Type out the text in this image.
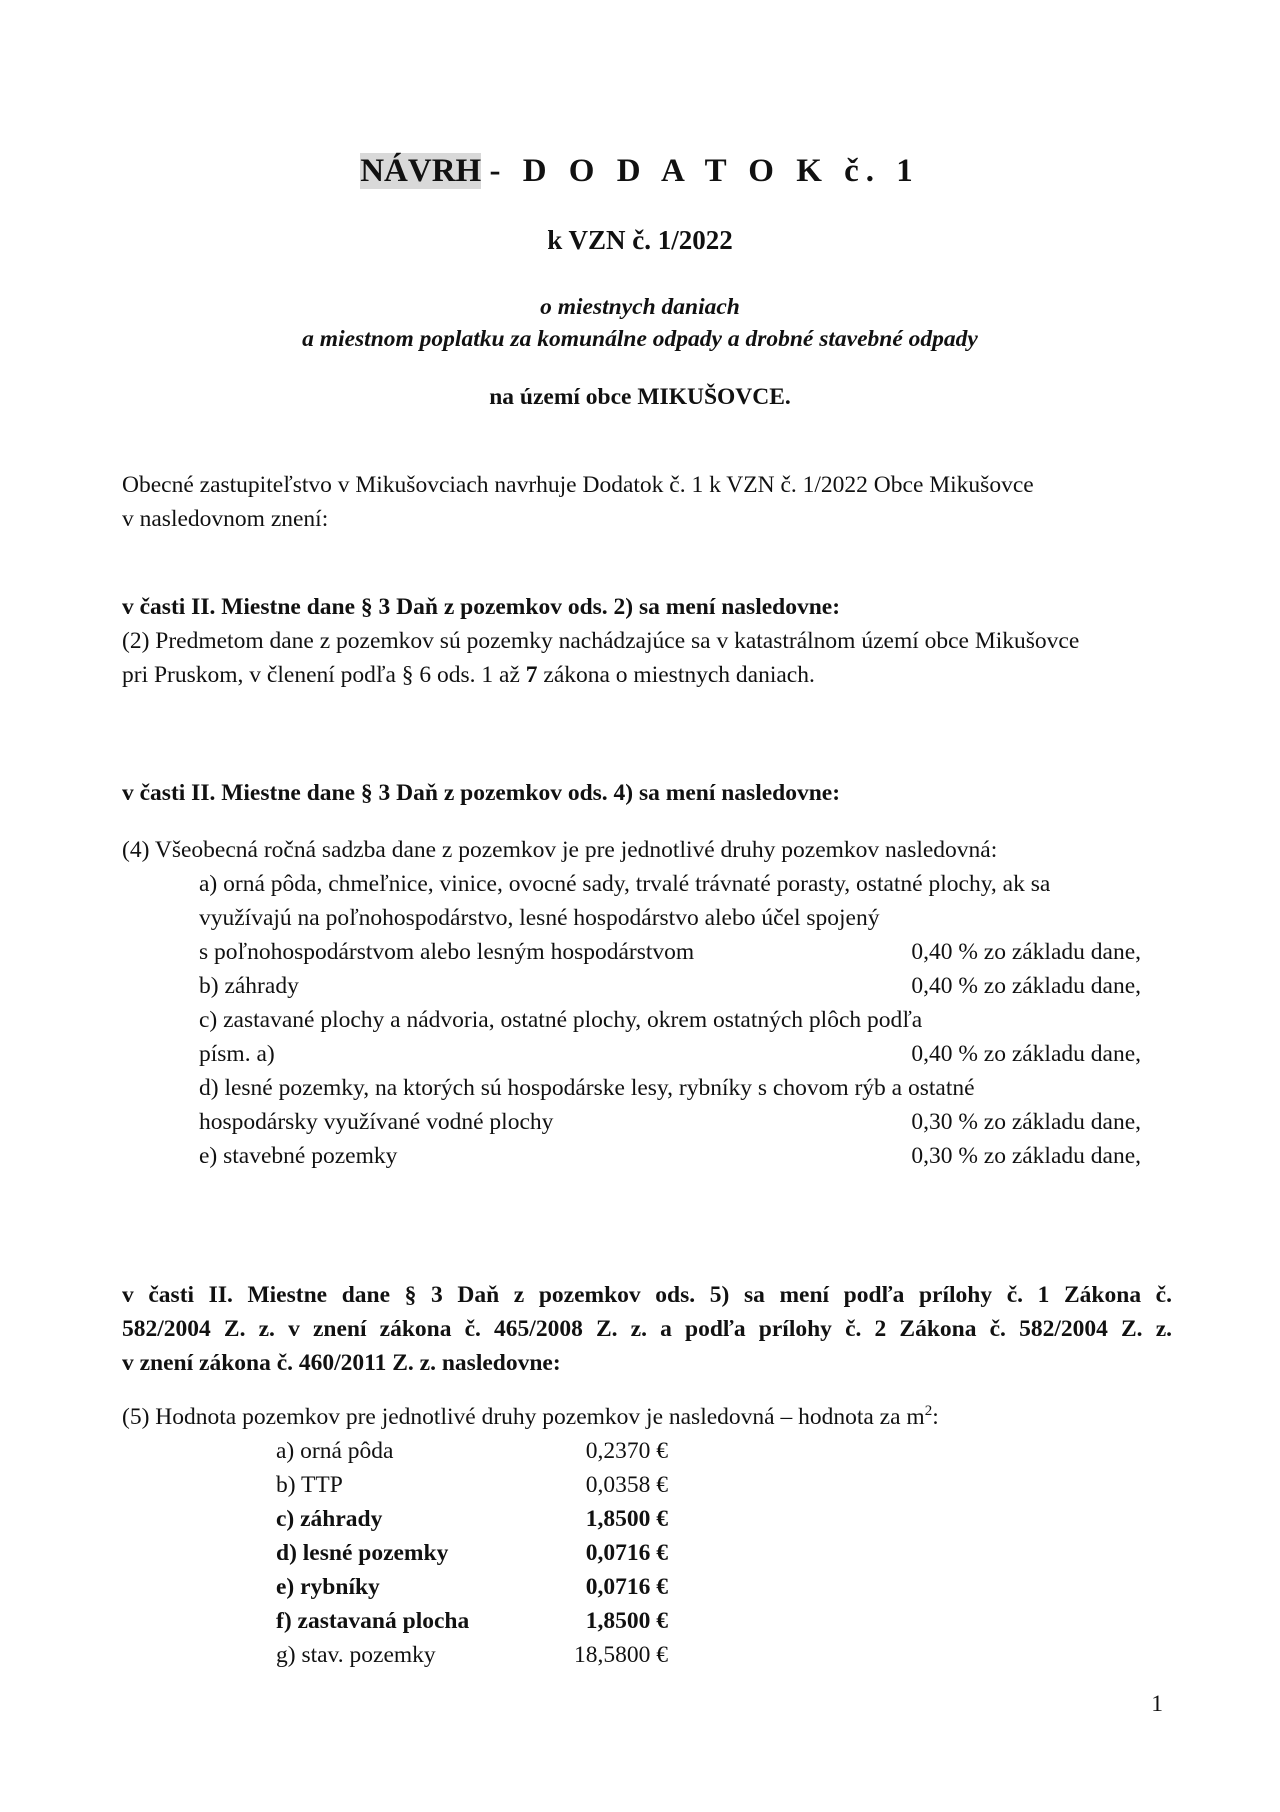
NÁVRH - D O D A T O K č. 1
k VZN č. 1/2022
o miestnych daniach
a miestnom poplatku za komunálne odpady a drobné stavebné odpady
na území obce MIKUŠOVCE.
Obecné zastupiteľstvo v Mikušovciach navrhuje Dodatok č. 1 k VZN č. 1/2022 Obce Mikušovce
v nasledovnom znení:
v časti II. Miestne dane § 3 Daň z pozemkov ods. 2) sa mení nasledovne:
(2) Predmetom dane z pozemkov sú pozemky nachádzajúce sa v katastrálnom území obce Mikušovce
pri Pruskom, v členení podľa § 6 ods. 1 až 7 zákona o miestnych daniach.
v časti II. Miestne dane § 3 Daň z pozemkov ods. 4) sa mení nasledovne:
(4) Všeobecná ročná sadzba dane z pozemkov je pre jednotlivé druhy pozemkov nasledovná:
a) orná pôda, chmeľnice, vinice, ovocné sady, trvalé trávnaté porasty, ostatné plochy, ak sa
využívajú na poľnohospodárstvo, lesné hospodárstvo alebo účel spojený
s poľnohospodárstvom alebo lesným hospodárstvom	0,40 % zo základu dane,
b) záhrady	0,40 % zo základu dane,
c) zastavané plochy a nádvoria, ostatné plochy, okrem ostatných plôch podľa
písm. a)	0,40 % zo základu dane,
d) lesné pozemky, na ktorých sú hospodárske lesy, rybníky s chovom rýb a ostatné
hospodársky využívané vodné plochy	0,30 % zo základu dane,
e) stavebné pozemky	0,30 % zo základu dane,
v časti II. Miestne dane § 3 Daň z pozemkov ods. 5) sa mení podľa prílohy č. 1 Zákona č.
582/2004 Z. z. v znení zákona č. 465/2008 Z. z. a podľa prílohy č. 2 Zákona č. 582/2004 Z. z.
v znení zákona č. 460/2011 Z. z. nasledovne:
(5) Hodnota pozemkov pre jednotlivé druhy pozemkov je nasledovná – hodnota za $m^2$:
a) orná pôda	0,2370 €
b) TTP	0,0358 €
c) záhrady	1,8500 €
d) lesné pozemky	0,0716 €
e) rybníky	0,0716 €
f) zastavaná plocha	1,8500 €
g) stav. pozemky	18,5800 €
1
